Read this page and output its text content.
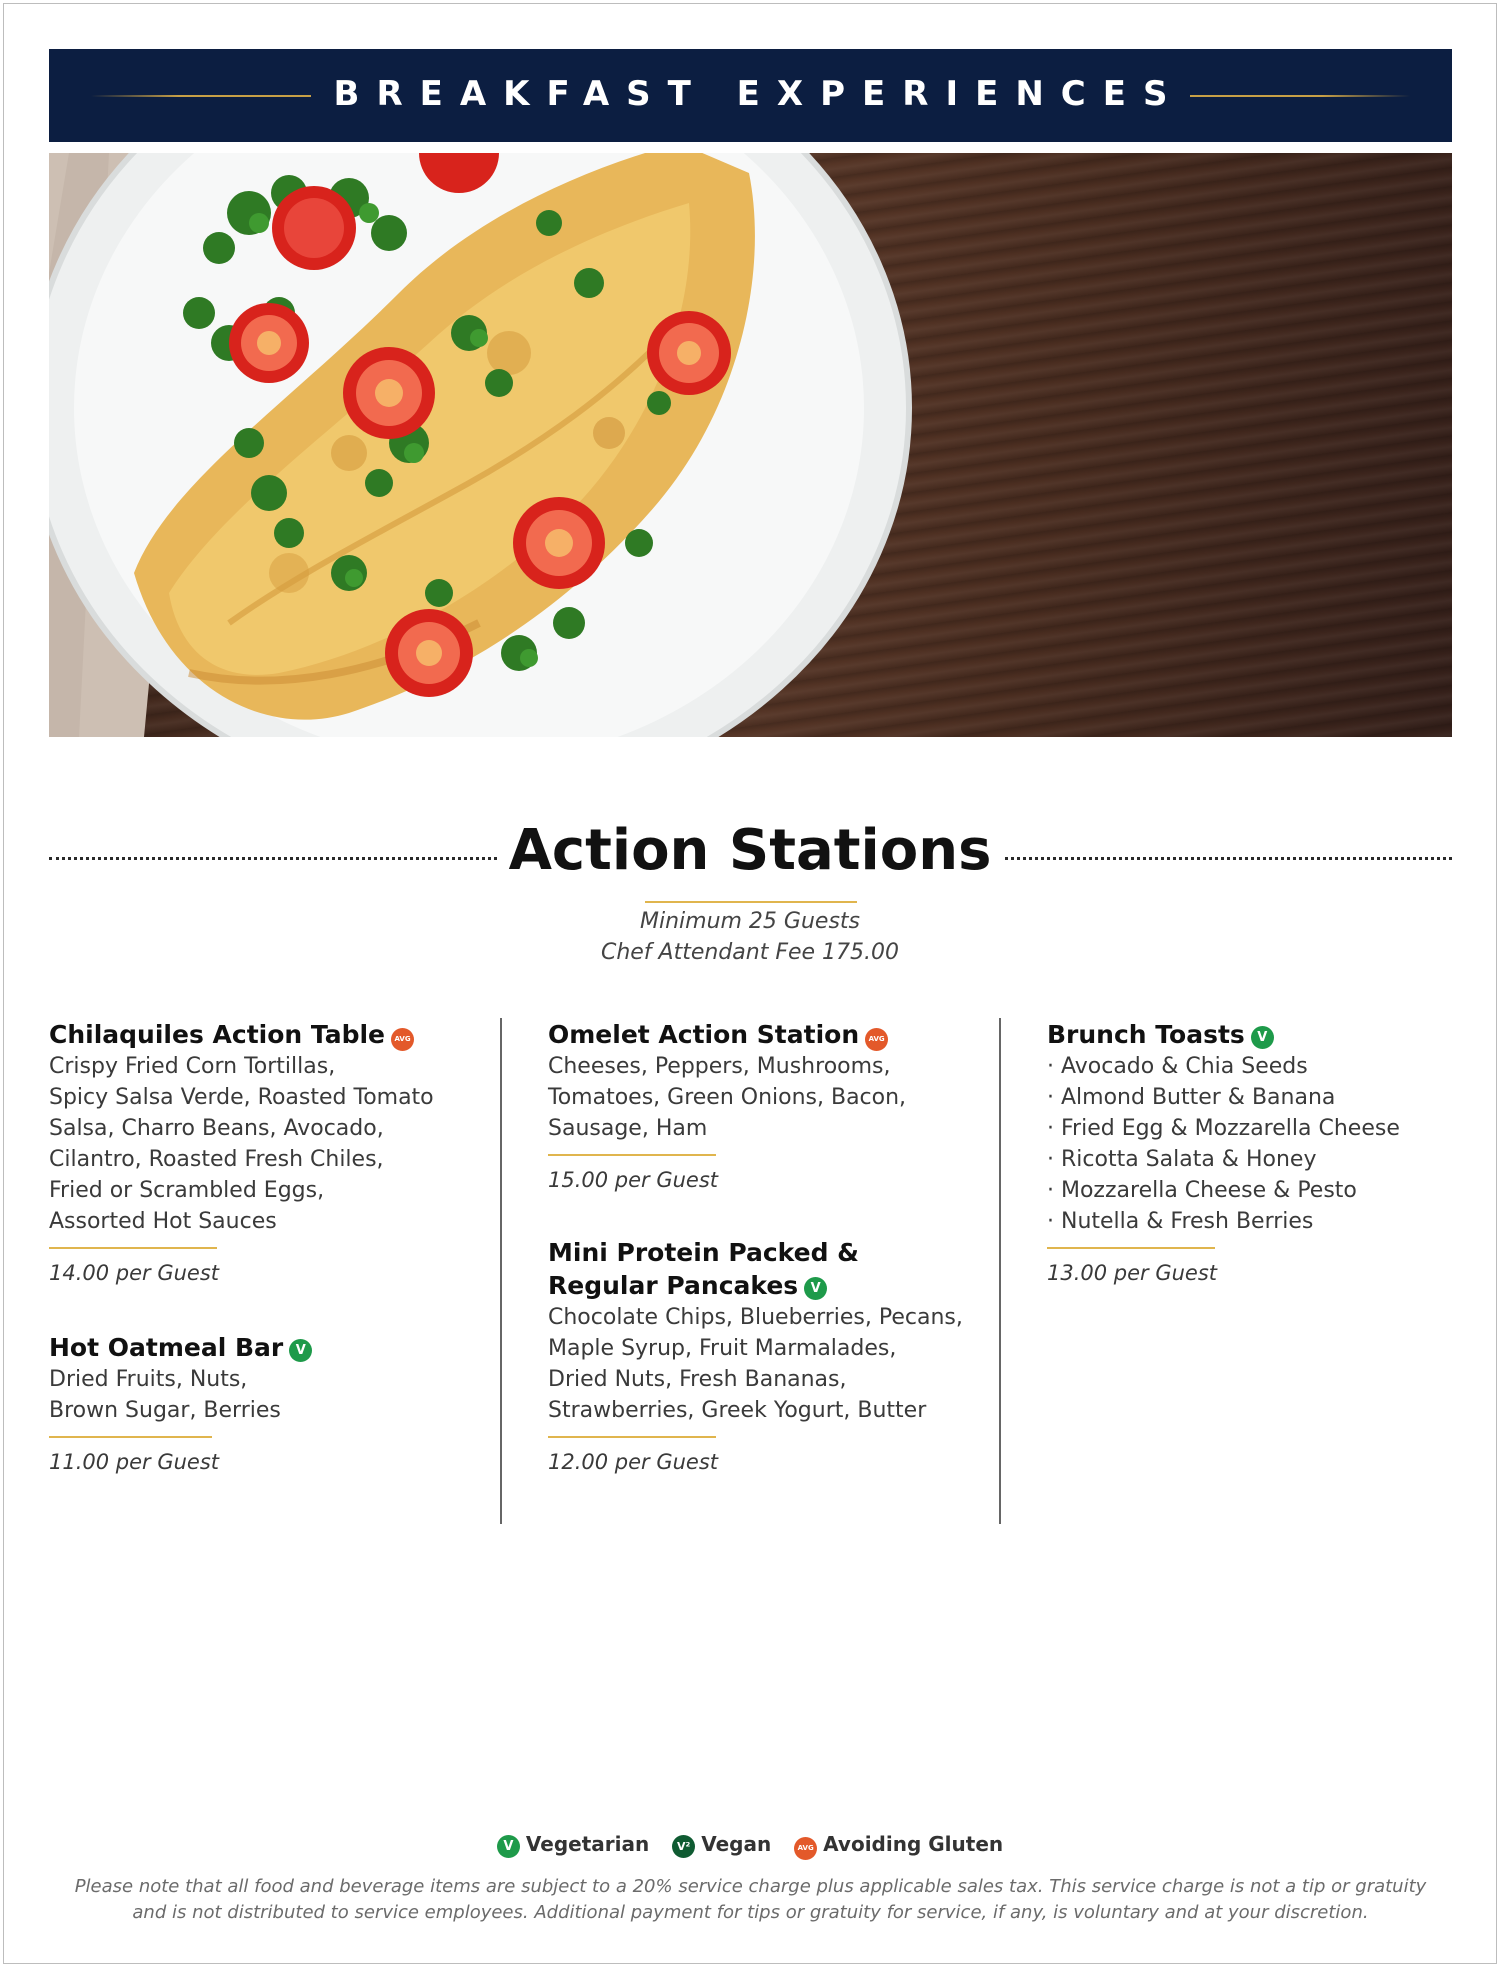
BREAKFAST EXPERIENCES
Action Stations
Minimum 25 Guests
Chef Attendant Fee 175.00
Chilaquiles Action Table AVG
Crispy Fried Corn Tortillas,
Spicy Salsa Verde, Roasted Tomato
Salsa, Charro Beans, Avocado,
Cilantro, Roasted Fresh Chiles,
Fried or Scrambled Eggs,
Assorted Hot Sauces
14.00 per Guest
Hot Oatmeal Bar V
Dried Fruits, Nuts,
Brown Sugar, Berries
11.00 per Guest
Omelet Action Station AVG
Cheeses, Peppers, Mushrooms,
Tomatoes, Green Onions, Bacon,
Sausage, Ham
15.00 per Guest
Mini Protein Packed &
Regular Pancakes V
Chocolate Chips, Blueberries, Pecans,
Maple Syrup, Fruit Marmalades,
Dried Nuts, Fresh Bananas,
Strawberries, Greek Yogurt, Butter
12.00 per Guest
Brunch Toasts V
· Avocado & Chia Seeds
· Almond Butter & Banana
· Fried Egg & Mozzarella Cheese
· Ricotta Salata & Honey
· Mozzarella Cheese & Pesto
· Nutella & Fresh Berries
13.00 per Guest
V Vegetarian	V² Vegan	AVG Avoiding Gluten
Please note that all food and beverage items are subject to a 20% service charge plus applicable sales tax. This service charge is not a tip or gratuity
and is not distributed to service employees. Additional payment for tips or gratuity for service, if any, is voluntary and at your discretion.
